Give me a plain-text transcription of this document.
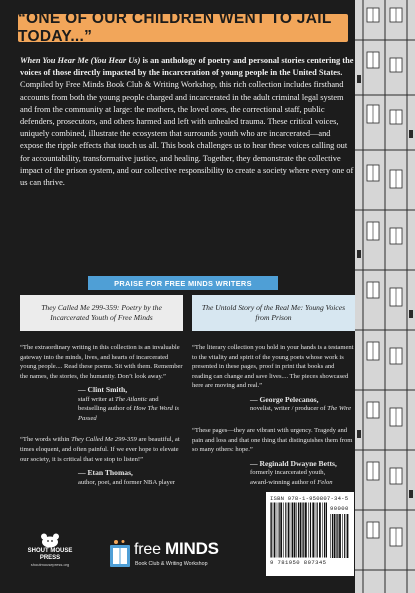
“ONE OF OUR CHILDREN WENT TO JAIL TODAY...”
When You Hear Me (You Hear Us) is an anthology of poetry and personal stories centering the voices of those directly impacted by the incarceration of young people in the United States. Compiled by Free Minds Book Club & Writing Workshop, this rich collection includes firsthand accounts from both the young people charged and incarcerated in the adult criminal legal system and from the community at large: the mothers, the loved ones, the correctional staff, public defenders, prosecutors, and others harmed and left with unhealed trauma. These critical voices, uniquely combined, illustrate the ecosystem that surrounds youth who are incarcerated—and expose the ripple effects that touch us all. This book challenges us to hear these voices calling out for accountability, transformative justice, and healing. Together, they demonstrate the collective impact of the prison system, and our collective responsibility to create a society where every one of us can thrive.
PRAISE FOR FREE MINDS WRITERS
They Called Me 299-359: Poetry by the Incarcerated Youth of Free Minds
“The extraordinary writing in this collection is an invaluable gateway into the minds, lives, and hearts of incarcerated young people.... Read these poems. Sit with them. Remember the names, the stories, the humanity. Don’t look away.”
— Clint Smith,
staff writer at The Atlantic and
bestselling author of How The Word is Passed
“The words within They Called Me 299-359 are beautiful, at times eloquent, and often painful. If we ever hope to elevate our society, it is critical that we stop to listen!”
— Etan Thomas,
author, poet, and former NBA player
The Untold Story of the Real Me: Young Voices from Prison
“The literary collection you hold in your hands is a testament to the vitality and spirit of the young poets whose work is presented in these pages, proof in print that books and reading can change and save lives.... The pieces showcased here are moving and real.”
— George Pelecanos,
novelist, writer / producer of The Wire
“These pages—they are vibrant with urgency. Tragedy and pain and loss and that one thing that distinguishes them from so many others: hope.”
— Reginald Dwayne Betts,
formerly incarcerated youth,
award-winning author of Felon
SHOUT MOUSE
PRESS
shoutmousepress.org
free MINDS
Book Club & Writing Workshop
ISBN 978-1-950807-34-5
90000
9 781950 807345
